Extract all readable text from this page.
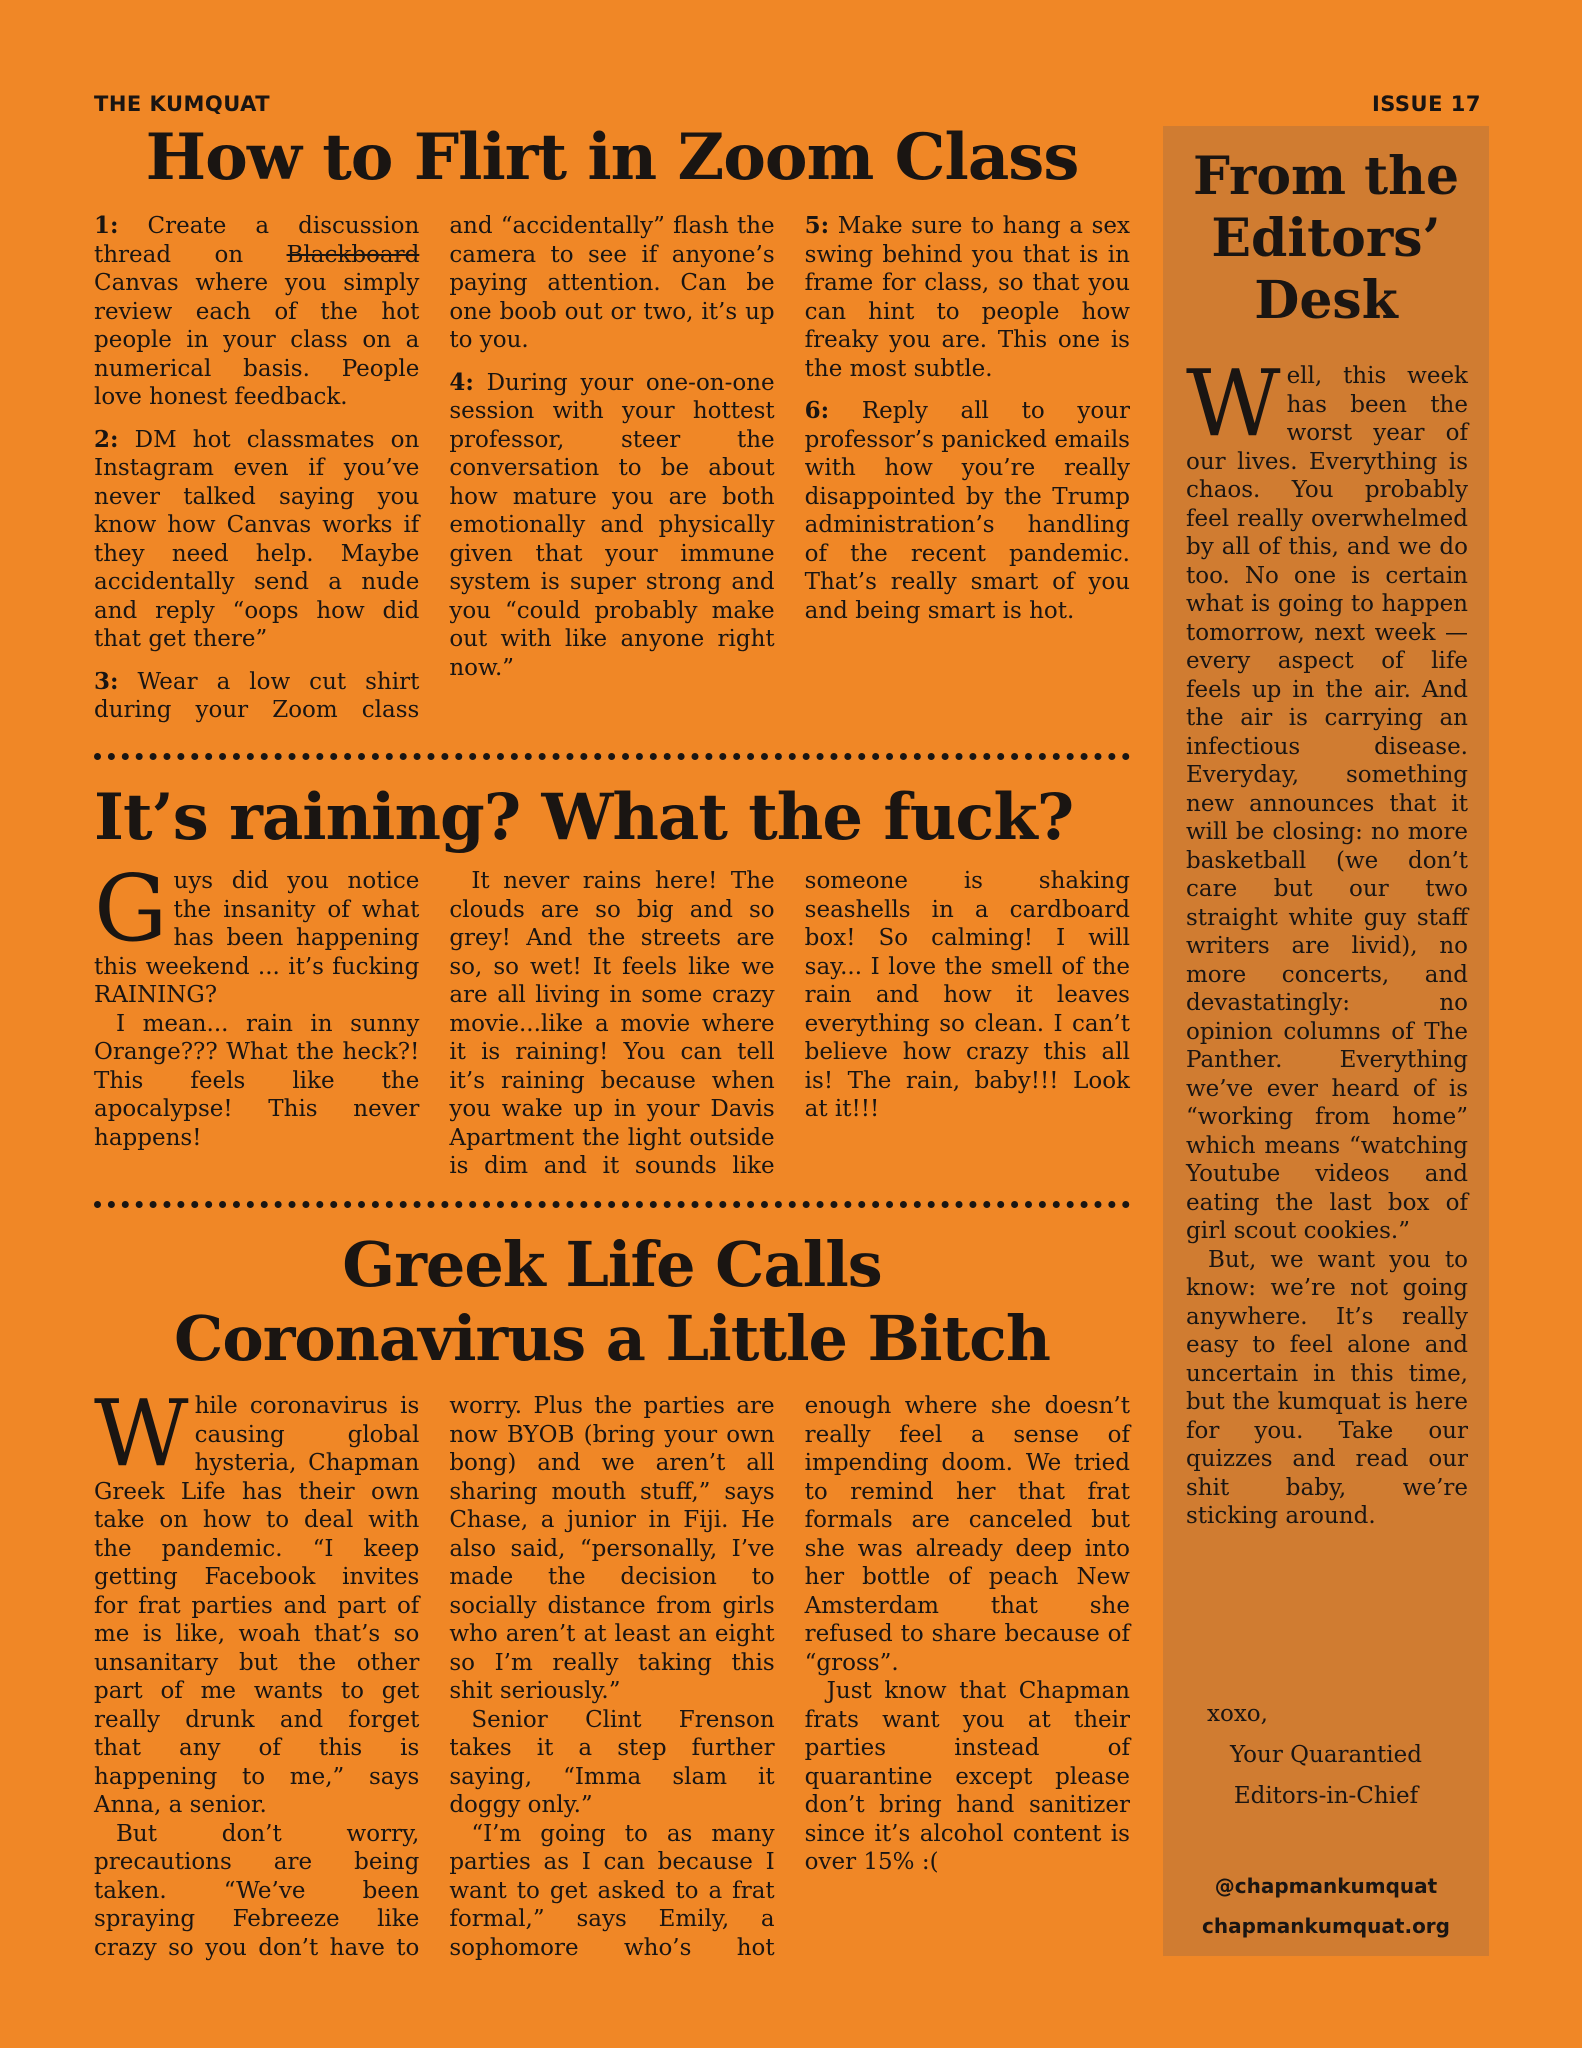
THE KUMQUAT	ISSUE 17
How to Flirt in Zoom Class

1: Create a discussion thread on Blackboard Canvas where you simply review each of the hot people in your class on a numerical basis. People love honest feedback.

2: DM hot classmates on Instagram even if you’ve never talked saying you know how Canvas works if they need help. Maybe accidentally send a nude and reply “oops how did that get there”

3: Wear a low cut shirt during your Zoom class and “accidentally” flash the camera to see if anyone’s paying attention. Can be one boob out or two, it’s up to you.

4: During your one-on-one session with your hottest professor, steer the conversation to be about how mature you are both emotionally and physically given that your immune system is super strong and you “could probably make out with like anyone right now.”

5: Make sure to hang a sex swing behind you that is in frame for class, so that you can hint to people how freaky you are. This one is the most subtle.

6: Reply all to your professor’s panicked emails with how you’re really disappointed by the Trump administration’s handling of the recent pandemic. That’s really smart of you and being smart is hot.

It’s raining? What the fuck?

Guys did you notice the insanity of what has been happening this weekend ... it’s fucking RAINING?

I mean... rain in sunny Orange??? What the heck?! This feels like the apocalypse! This never happens!

It never rains here! The clouds are so big and so grey! And the streets are so, so wet! It feels like we are all living in some crazy movie...like a movie where it is raining! You can tell it’s raining because when you wake up in your Davis Apartment the light outside is dim and it sounds like someone is shaking seashells in a cardboard box! So calming! I will say... I love the smell of the rain and how it leaves everything so clean. I can’t believe how crazy this all is! The rain, baby!!! Look at it!!!

Greek Life Calls
Coronavirus a Little Bitch

While coronavirus is causing global hysteria, Chapman Greek Life has their own take on how to deal with the pandemic. “I keep getting Facebook invites for frat parties and part of me is like, woah that’s so unsanitary but the other part of me wants to get really drunk and forget that any of this is happening to me,” says Anna, a senior.

But don’t worry, precautions are being taken. “We’ve been spraying Febreeze like crazy so you don’t have to worry. Plus the parties are now BYOB (bring your own bong) and we aren’t all sharing mouth stuff,” says Chase, a junior in Fiji. He also said, “personally, I’ve made the decision to socially distance from girls who aren’t at least an eight so I’m really taking this shit seriously.”

Senior Clint Frenson takes it a step further saying, “Imma slam it doggy only.”

“I’m going to as many parties as I can because I want to get asked to a frat formal,” says Emily, a sophomore who’s hot enough where she doesn’t really feel a sense of impending doom. We tried to remind her that frat formals are canceled but she was already deep into her bottle of peach New Amsterdam that she refused to share because of “gross”.

Just know that Chapman frats want you at their parties instead of quarantine except please don’t bring hand sanitizer since it’s alcohol content is over 15% :(

From the
Editors’
Desk

Well, this week has been the worst year of our lives. Everything is chaos. You probably feel really overwhelmed by all of this, and we do too. No one is certain what is going to happen tomorrow, next week — every aspect of life feels up in the air. And the air is carrying an infectious disease. Everyday, something new announces that it will be closing: no more basketball (we don’t care but our two straight white guy staff writers are livid), no more concerts, and devastatingly: no opinion columns of The Panther. Everything we’ve ever heard of is “working from home” which means “watching Youtube videos and eating the last box of girl scout cookies.”

But, we want you to know: we’re not going anywhere. It’s really easy to feel alone and uncertain in this time, but the kumquat is here for you. Take our quizzes and read our shit baby, we’re sticking around.

xoxo,
Your Quarantied
Editors-in-Chief
@chapmankumquat
chapmankumquat.org
